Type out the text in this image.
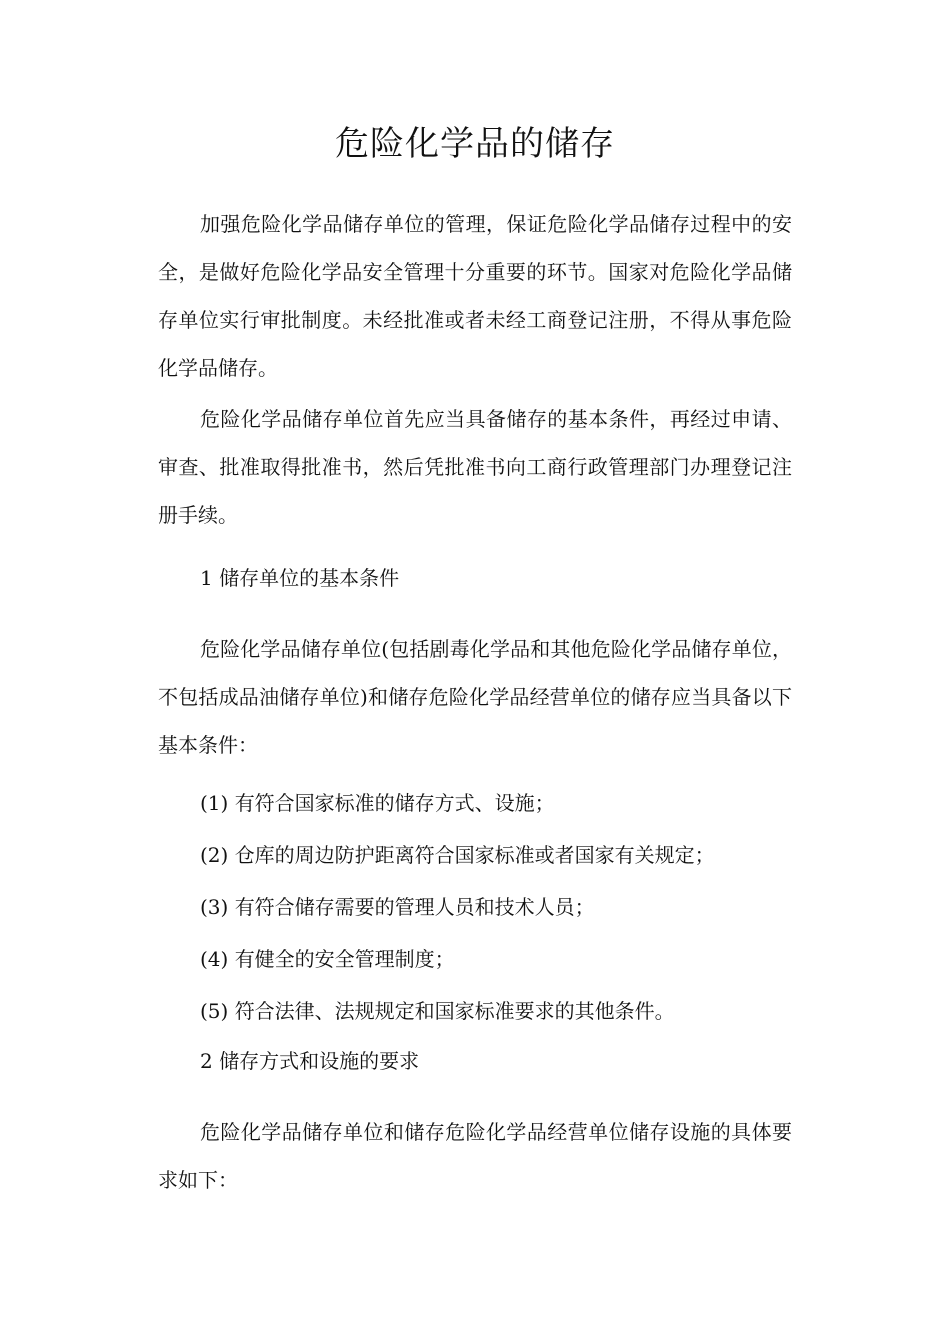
危险化学品的储存

加强危险化学品储存单位的管理，保证危险化学品储存过程中的安全，是做好危险化学品安全管理十分重要的环节。国家对危险化学品储存单位实行审批制度。未经批准或者未经工商登记注册，不得从事危险化学品储存。

危险化学品储存单位首先应当具备储存的基本条件，再经过申请、审查、批准取得批准书，然后凭批准书向工商行政管理部门办理登记注册手续。

1 储存单位的基本条件

危险化学品储存单位(包括剧毒化学品和其他危险化学品储存单位，不包括成品油储存单位)和储存危险化学品经营单位的储存应当具备以下基本条件：

(1) 有符合国家标准的储存方式、设施；

(2) 仓库的周边防护距离符合国家标准或者国家有关规定；

(3) 有符合储存需要的管理人员和技术人员；

(4) 有健全的安全管理制度；

(5) 符合法律、法规规定和国家标准要求的其他条件。

2 储存方式和设施的要求

危险化学品储存单位和储存危险化学品经营单位储存设施的具体要求如下：
